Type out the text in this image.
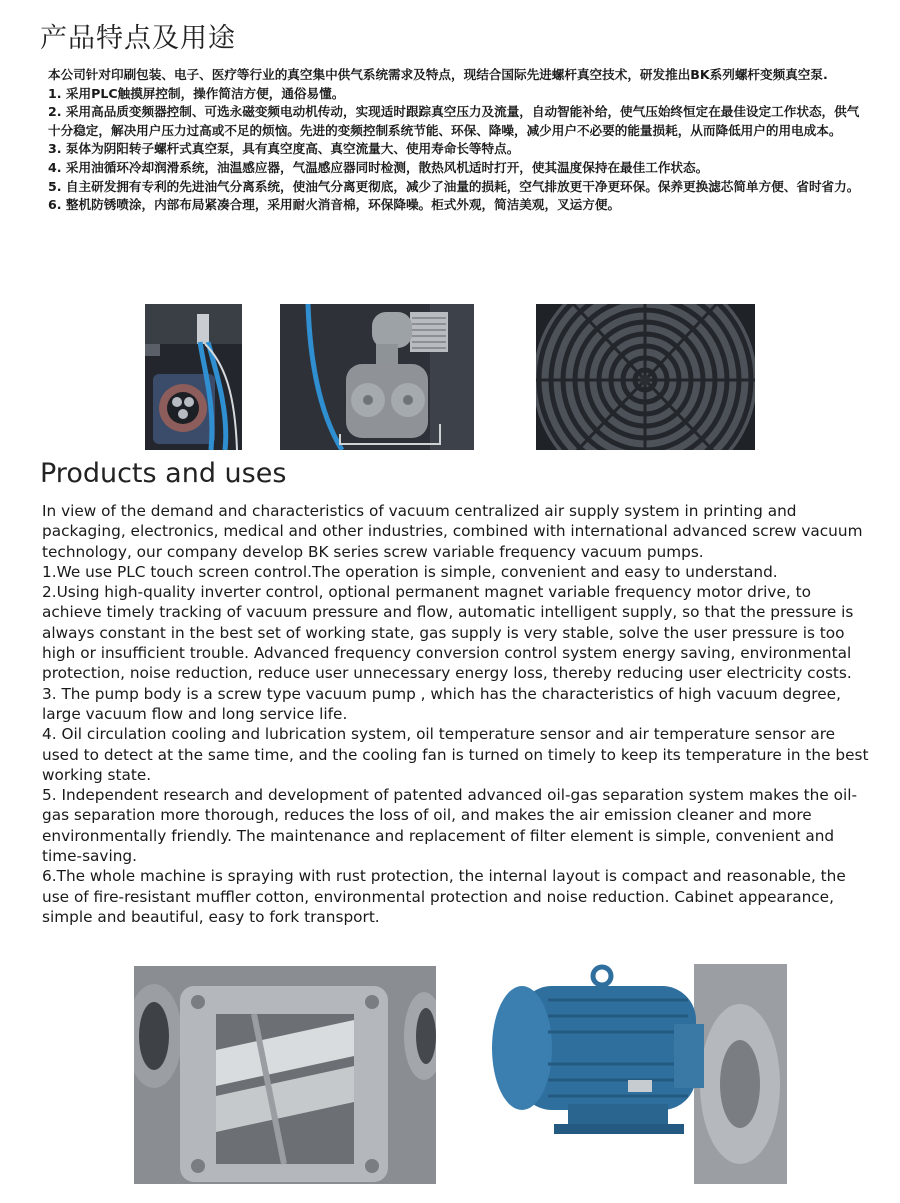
产品特点及用途

本公司针对印刷包装、电子、医疗等行业的真空集中供气系统需求及特点，现结合国际先进螺杆真空技术，研发推出BK系列螺杆变频真空泵.

1. 采用PLC触摸屏控制，操作简洁方便，通俗易懂。

2. 采用高品质变频器控制、可选永磁变频电动机传动，实现适时跟踪真空压力及流量，自动智能补给，使气压始终恒定在最佳设定工作状态，供气十分稳定，解决用户压力过高或不足的烦恼。先进的变频控制系统节能、环保、降噪，减少用户不必要的能量损耗，从而降低用户的用电成本。

3. 泵体为阴阳转子螺杆式真空泵，具有真空度高、真空流量大、使用寿命长等特点。

4. 采用油循环冷却润滑系统，油温感应器，气温感应器同时检测，散热风机适时打开，使其温度保持在最佳工作状态。

5. 自主研发拥有专利的先进油气分离系统，使油气分离更彻底，减少了油量的损耗，空气排放更干净更环保。保养更换滤芯简单方便、省时省力。

6. 整机防锈喷涂，内部布局紧凑合理，采用耐火消音棉，环保降噪。柜式外观，简洁美观，叉运方便。

Products and uses

In view of the demand and characteristics of vacuum centralized air supply system in printing and packaging, electronics, medical and other industries, combined with international advanced screw vacuum technology, our company develop BK series screw variable frequency vacuum pumps.

1.We use PLC touch screen control.The operation is simple, convenient and easy to understand.

2.Using high-quality inverter control, optional permanent magnet variable frequency motor drive, to achieve timely tracking of vacuum pressure and flow, automatic intelligent supply, so that the pressure is always constant in the best set of working state, gas supply is very stable, solve the user pressure is too high or insufficient trouble. Advanced frequency conversion control system energy saving, environmental protection, noise reduction, reduce user unnecessary energy loss, thereby reducing user electricity costs.

3. The pump body is a screw type vacuum pump , which has the characteristics of high vacuum degree, large vacuum flow and long service life.

4. Oil circulation cooling and lubrication system, oil temperature sensor and air temperature sensor are used to detect at the same time, and the cooling fan is turned on timely to keep its temperature in the best working state.

5. Independent research and development of patented advanced oil-gas separation system makes the oil-gas separation more thorough, reduces the loss of oil, and makes the air emission cleaner and more environmentally friendly. The maintenance and replacement of filter element is simple, convenient and time-saving.

6.The whole machine is spraying with rust protection, the internal layout is compact and reasonable, the use of fire-resistant muffler cotton, environmental protection and noise reduction. Cabinet appearance, simple and beautiful, easy to fork transport.
